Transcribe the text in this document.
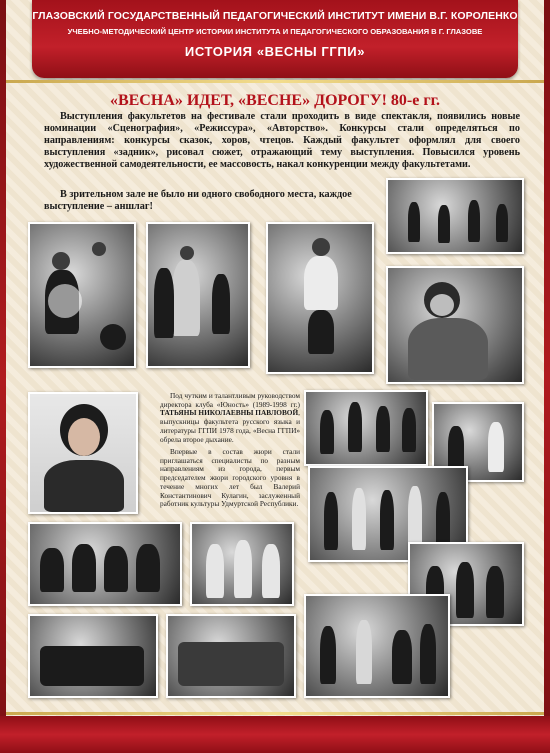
ГЛАЗОВСКИЙ ГОСУДАРСТВЕННЫЙ ПЕДАГОГИЧЕСКИЙ ИНСТИТУТ ИМЕНИ В.Г. КОРОЛЕНКО
УЧЕБНО-МЕТОДИЧЕСКИЙ ЦЕНТР ИСТОРИИ ИНСТИТУТА И ПЕДАГОГИЧЕСКОГО ОБРАЗОВАНИЯ В Г. ГЛАЗОВЕ
ИСТОРИЯ «ВЕСНЫ ГГПИ»
«ВЕСНА» ИДЕТ, «ВЕСНЕ» ДОРОГУ! 80-е гг.
Выступления факультетов на фестивале стали проходить в виде спектакля, появились новые номинации «Сценография», «Режиссура», «Авторство». Конкурсы стали определяться по направлениям: конкурсы сказок, хоров, чтецов. Каждый факультет оформлял для своего выступления «задник», рисовал сюжет, отражающий тему выступления. Повысился уровень художественной самодеятельности, ее массовость, накал конкуренции между факультетами.
В зрительном зале не было ни одного свободного места, каждое выступление – аншлаг!
Под чутким и талантливым руководством директора клуба «Юность» (1989-1998 гг.) ТАТЬЯНЫ НИКОЛАЕВНЫ ПАВЛОВОЙ, выпускницы факультета русского языка и литературы ГГПИ 1978 года, «Весна ГГПИ» обрела второе дыхание.
Впервые в состав жюри стали приглашаться специалисты по разным направлениям из города, первым председателем жюри городского уровня в течение многих лет был Валерий Константинович Кулагин, заслуженный работник культуры Удмуртской Республики.
